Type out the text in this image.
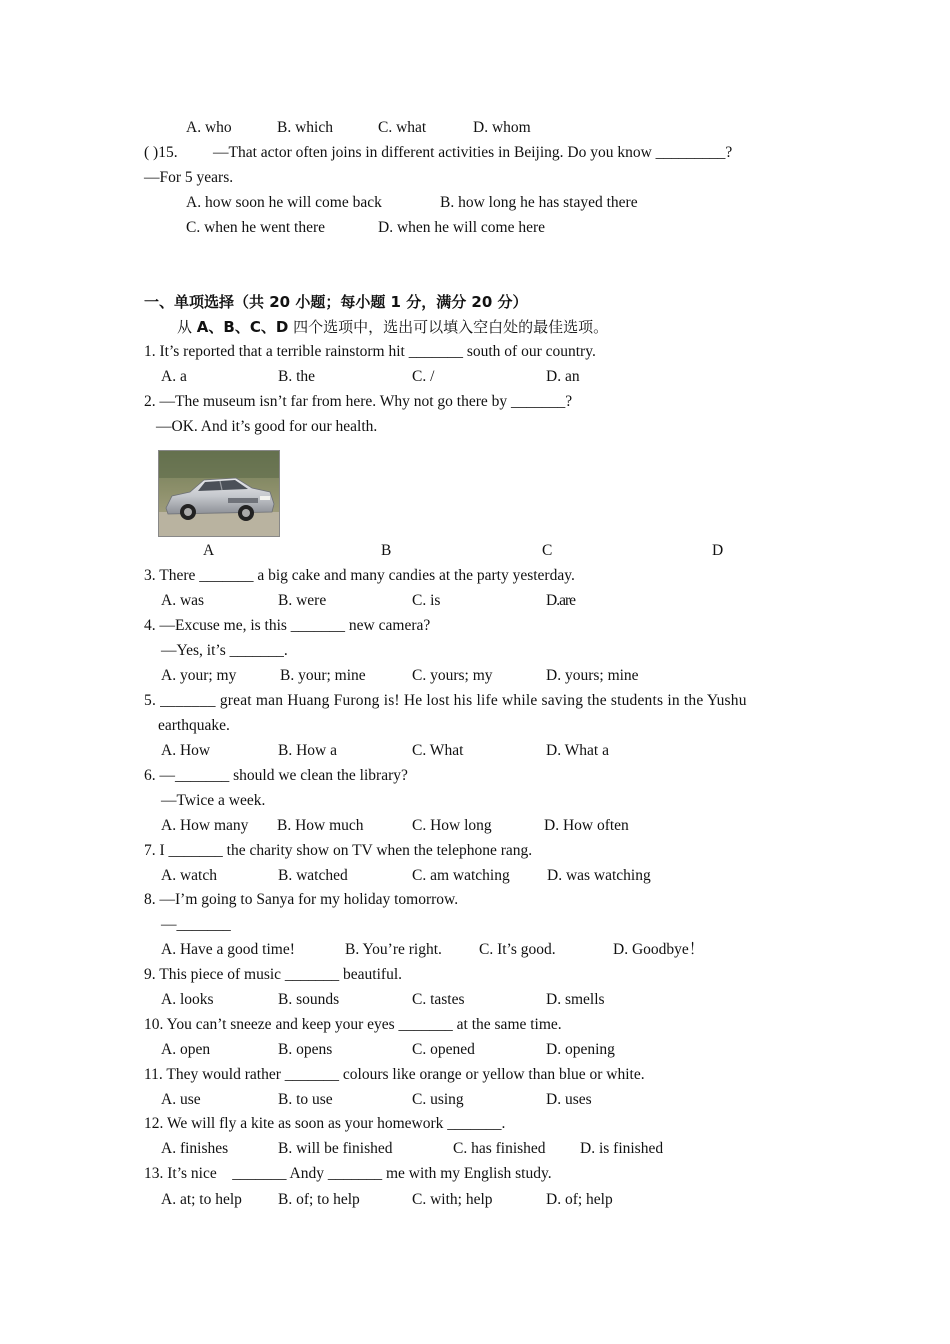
A. who	B. which	C. what	D. whom
( )15. —That actor often joins in different activities in Beijing. Do you know _________?
—For 5 years.
A. how soon he will come back	B. how long he has stayed there
C. when he went there	D. when he will come here
一、单项选择（共 20 小题；每小题 1 分，满分 20 分）
从 A、B、C、D 四个选项中，选出可以填入空白处的最佳选项。
1. It’s reported that a terrible rainstorm hit _______ south of our country.
A. a	B. the	C. /	D. an
2. —The museum isn’t far from here. Why not go there by _______?
—OK. And it’s good for our health.
A	B	C	D
3. There _______ a big cake and many candies at the party yesterday.
A. was	B. were	C. is	D.are
4. —Excuse me, is this _______ new camera?
—Yes, it’s _______.
A. your; my	B. your; mine	C. yours; my	D. yours; mine
5. _______ great man Huang Furong is! He lost his life while saving the students in the Yushu
earthquake.
A. How	B. How a	C. What	D. What a
6. —_______ should we clean the library?
—Twice a week.
A. How many B. How much	C. How long	D. How often
7. I _______ the charity show on TV when the telephone rang.
A. watch	B. watched	C. am watching D. was watching
8. —I’m going to Sanya for my holiday tomorrow.
—_______
A. Have a good time!	B. You’re right. C. It’s good.	D. Goodbye！
9. This piece of music _______ beautiful.
A. looks	B. sounds	C. tastes	D. smells
10. You can’t sneeze and keep your eyes _______ at the same time.
A. open	B. opens	C. opened	D. opening
11. They would rather _______ colours like orange or yellow than blue or white.
A. use	B. to use	C. using	D. uses
12. We will fly a kite as soon as your homework _______.
A. finishes	B. will be finished	C. has finished D. is finished
13. It’s nice    _______ Andy _______ me with my English study.
A. at; to help B. of; to help	C. with; help	D. of; help
